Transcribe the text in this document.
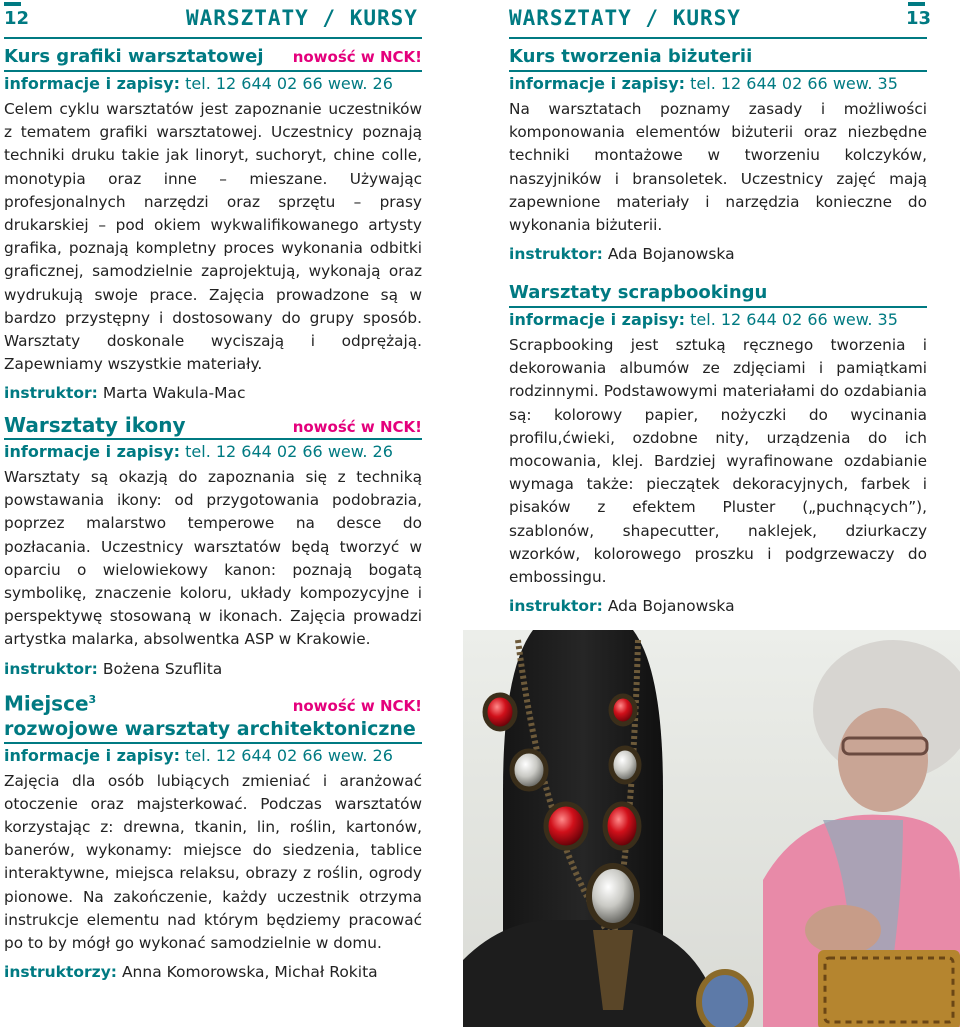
12	WARSZTATY / KURSY
Kurs grafiki warsztatowej nowość w NCK!
informacje i zapisy: tel. 12 644 02 66 wew. 26
Celem cyklu warsztatów jest zapoznanie uczestników z tematem grafiki warsztatowej. Uczestnicy poznają techniki druku takie jak linoryt, suchoryt, chine colle, monotypia oraz inne – mieszane. Używając profesjonalnych narzędzi oraz sprzętu – prasy drukarskiej – pod okiem wykwalifikowanego artysty grafika, poznają kompletny proces wykonania odbitki graficznej, samodzielnie zaprojektują, wykonają oraz wydrukują swoje prace. Zajęcia prowadzone są w bardzo przystępny i dostosowany do grupy sposób. Warsztaty doskonale wyciszają i odprężają. Zapewniamy wszystkie materiały.
instruktor: Marta Wakula-Mac
Warsztaty ikony	nowość w NCK!
informacje i zapisy: tel. 12 644 02 66 wew. 26
Warsztaty są okazją do zapoznania się z techniką powstawania ikony: od przygotowania podobrazia, poprzez malarstwo temperowe na desce do pozłacania. Uczestnicy warsztatów będą tworzyć w oparciu o wielowiekowy kanon: poznają bogatą symbolikę, znaczenie koloru, układy kompozycyjne i perspektywę stosowaną w ikonach. Zajęcia prowadzi artystka malarka, absolwentka ASP w Krakowie.
instruktor: Bożena Szuflita
Miejsce$^3$	nowość w NCK!
rozwojowe warsztaty architektoniczne
informacje i zapisy: tel. 12 644 02 66 wew. 26
Zajęcia dla osób lubiących zmieniać i aranżować otoczenie oraz majsterkować. Podczas warsztatów korzystając z: drewna, tkanin, lin, roślin, kartonów, banerów, wykonamy: miejsce do siedzenia, tablice interaktywne, miejsca relaksu, obrazy z roślin, ogrody pionowe. Na zakończenie, każdy uczestnik otrzyma instrukcje elementu nad którym będziemy pracować po to by mógł go wykonać samodzielnie w domu.
instruktorzy: Anna Komorowska, Michał Rokita
WARSZTATY / KURSY	13
Kurs tworzenia biżuterii
informacje i zapisy: tel. 12 644 02 66 wew. 35
Na warsztatach poznamy zasady i możliwości komponowania elementów biżuterii oraz niezbędne techniki montażowe w tworzeniu kolczyków, naszyjników i bransoletek. Uczestnicy zajęć mają zapewnione materiały i narzędzia konieczne do wykonania biżuterii.
instruktor: Ada Bojanowska
Warsztaty scrapbookingu
informacje i zapisy: tel. 12 644 02 66 wew. 35
Scrapbooking jest sztuką ręcznego tworzenia i dekorowania albumów ze zdjęciami i pamiątkami rodzinnymi. Podstawowymi materiałami do ozdabiania są: kolorowy papier, nożyczki do wycinania profilu,ćwieki, ozdobne nity, urządzenia do ich mocowania, klej. Bardziej wyrafinowane ozdabianie wymaga także: pieczątek dekoracyjnych, farbek i pisaków z efektem Pluster („puchnących”), szablonów, shapecutter, naklejek, dziurkaczy wzorków, kolorowego proszku i podgrzewaczy do embossingu.
instruktor: Ada Bojanowska
